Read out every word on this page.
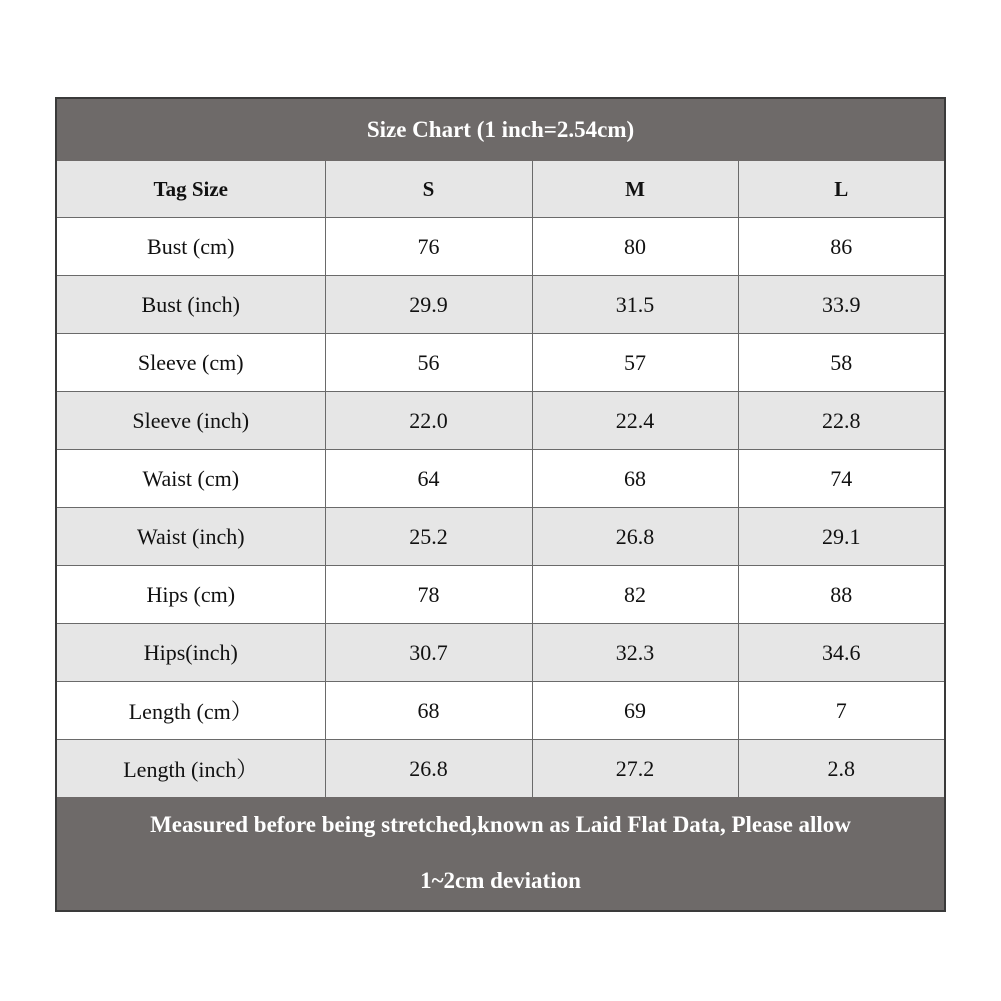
Size Chart (1 inch=2.54cm)
Tag Size	S	M	L
Bust (cm)	76	80	86
Bust (inch)	29.9	31.5	33.9
Sleeve (cm)	56	57	58
Sleeve (inch)	22.0	22.4	22.8
Waist (cm)	64	68	74
Waist (inch)	25.2	26.8	29.1
Hips (cm)	78	82	88
Hips(inch)	30.7	32.3	34.6
Length (cm）	68	69	7
Length (inch）	26.8	27.2	2.8
Measured before being stretched,known as Laid Flat Data, Please allow
1~2cm deviation
